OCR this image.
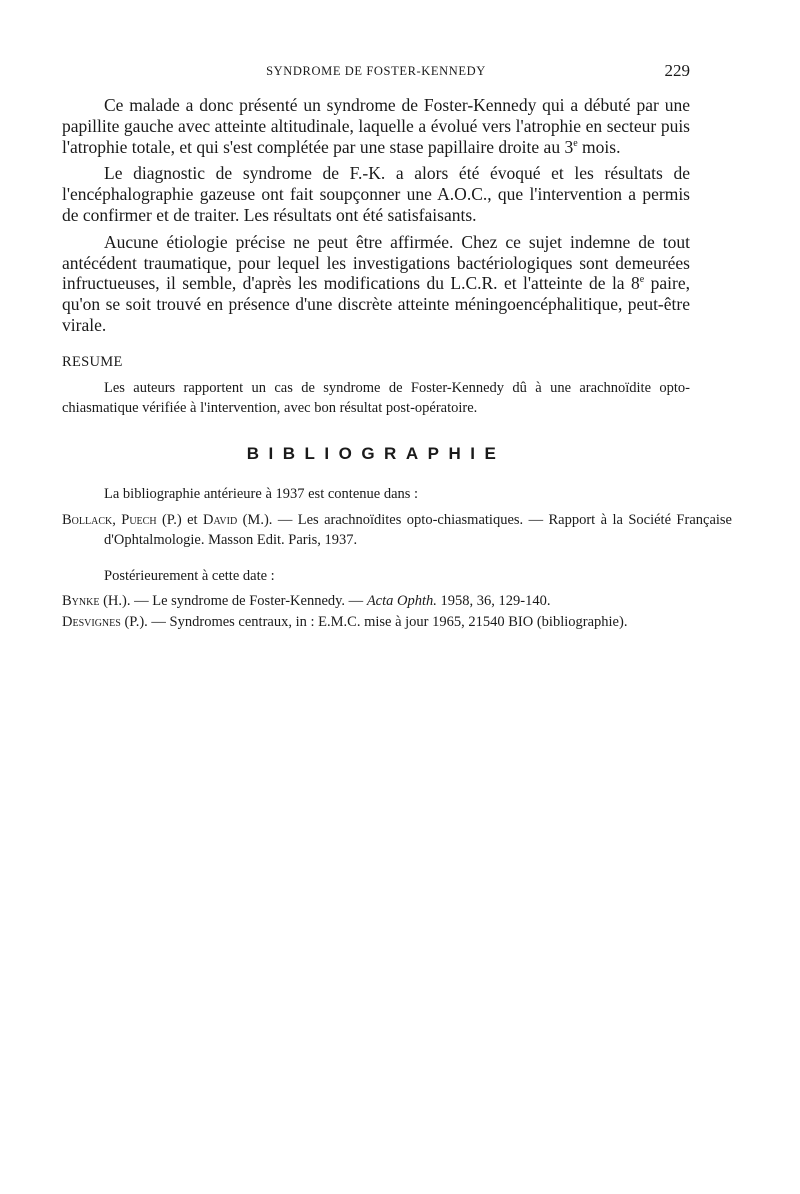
SYNDROME DE FOSTER-KENNEDY	229

Ce malade a donc présenté un syndrome de Foster-Kennedy qui a débuté par une papillite gauche avec atteinte altitudinale, laquelle a évolué vers l'atrophie en secteur puis l'atrophie totale, et qui s'est complétée par une stase papillaire droite au 3e mois.

Le diagnostic de syndrome de F.-K. a alors été évoqué et les résultats de l'encéphalographie gazeuse ont fait soupçonner une A.O.C., que l'intervention a permis de confirmer et de traiter. Les résultats ont été satisfaisants.

Aucune étiologie précise ne peut être affirmée. Chez ce sujet indemne de tout antécédent traumatique, pour lequel les investigations bactériologiques sont demeurées infructueuses, il semble, d'après les modifications du L.C.R. et l'atteinte de la 8e paire, qu'on se soit trouvé en présence d'une discrète atteinte méningoencéphalitique, peut-être virale.

RESUME

Les auteurs rapportent un cas de syndrome de Foster-Kennedy dû à une arachnoïdite opto-chiasmatique vérifiée à l'intervention, avec bon résultat post-opératoire.

BIBLIOGRAPHIE

La bibliographie antérieure à 1937 est contenue dans :

Bollack, Puech (P.) et David (M.). — Les arachnoïdites opto-chiasmatiques. — Rapport à la Société Française d'Ophtalmologie. Masson Edit. Paris, 1937.

Postérieurement à cette date :

Bynke (H.). — Le syndrome de Foster-Kennedy. — Acta Ophth. 1958, 36, 129-140.

Desvignes (P.). — Syndromes centraux, in : E.M.C. mise à jour 1965, 21540 BIO (bibliographie).
